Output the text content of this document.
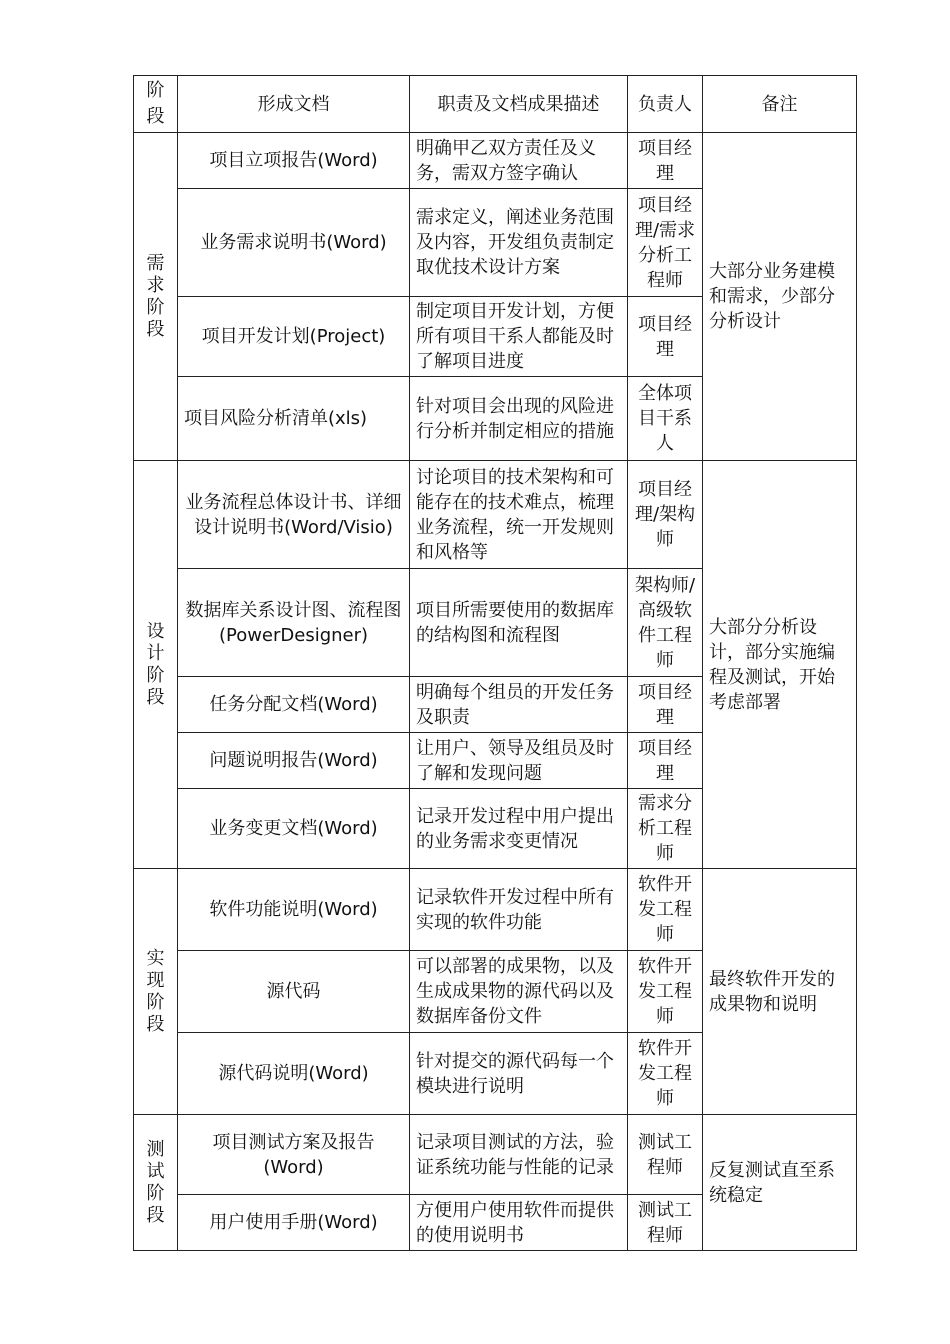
阶段	形成文档	职责及文档成果描述	负责人	备注
需求阶段	项目立项报告(Word)	明确甲乙双方责任及义务，需双方签字确认	项目经理	大部分业务建模和需求，少部分分析设计
	业务需求说明书(Word)	需求定义，阐述业务范围及内容，开发组负责制定取优技术设计方案	项目经理/需求分析工程师	
	项目开发计划(Project)	制定项目开发计划，方便所有项目干系人都能及时了解项目进度	项目经理	
	项目风险分析清单(xls)	针对项目会出现的风险进行分析并制定相应的措施	全体项目干系人	
设计阶段	业务流程总体设计书、详细设计说明书(Word/Visio)	讨论项目的技术架构和可能存在的技术难点，梳理业务流程，统一开发规则和风格等	项目经理/架构师	大部分分析设计，部分实施编程及测试，开始考虑部署
	数据库关系设计图、流程图(PowerDesigner)	项目所需要使用的数据库的结构图和流程图	架构师/高级软件工程师	
	任务分配文档(Word)	明确每个组员的开发任务及职责	项目经理	
	问题说明报告(Word)	让用户、领导及组员及时了解和发现问题	项目经理	
	业务变更文档(Word)	记录开发过程中用户提出的业务需求变更情况	需求分析工程师	
实现阶段	软件功能说明(Word)	记录软件开发过程中所有实现的软件功能	软件开发工程师	最终软件开发的成果物和说明
	源代码	可以部署的成果物，以及生成成果物的源代码以及数据库备份文件	软件开发工程师	
	源代码说明(Word)	针对提交的源代码每一个模块进行说明	软件开发工程师	
测试阶段	项目测试方案及报告(Word)	记录项目测试的方法，验证系统功能与性能的记录	测试工程师	反复测试直至系统稳定
	用户使用手册(Word)	方便用户使用软件而提供的使用说明书	测试工程师	
